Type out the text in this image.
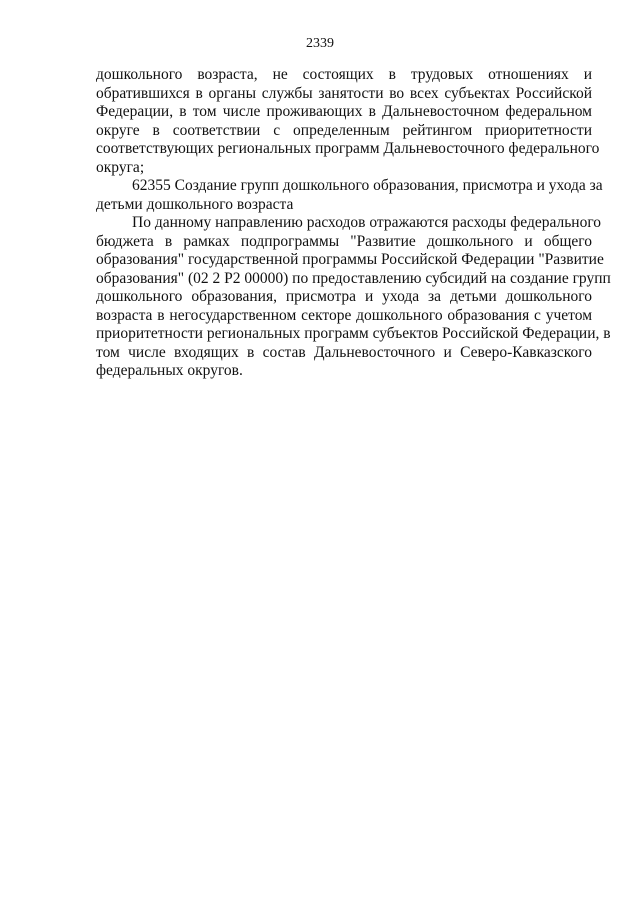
2339

дошкольного возраста, не состоящих в трудовых отношениях и
обратившихся в органы службы занятости во всех субъектах Российской
Федерации, в том числе проживающих в Дальневосточном федеральном
округе в соответствии с определенным рейтингом приоритетности
соответствующих региональных программ Дальневосточного федерального
округа;

62355 Создание групп дошкольного образования, присмотра и ухода за
детьми дошкольного возраста

По данному направлению расходов отражаются расходы федерального
бюджета в рамках подпрограммы "Развитие дошкольного и общего
образования" государственной программы Российской Федерации "Развитие
образования" (02 2 Р2 00000) по предоставлению субсидий на создание групп
дошкольного образования, присмотра и ухода за детьми дошкольного
возраста в негосударственном секторе дошкольного образования с учетом
приоритетности региональных программ субъектов Российской Федерации, в
том числе входящих в состав Дальневосточного и Северо-Кавказского
федеральных округов.
